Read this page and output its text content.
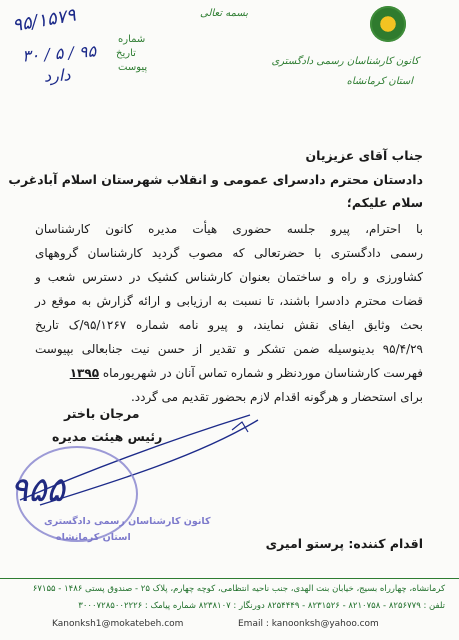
بسمه تعالی
کانون کارشناسان رسمی دادگستری
استان کرمانشاه
شماره
تاریخ
پیوست
۹۵/۱۵۷۹
۹۵ / ۵ / ۳۰
دارد
جناب آقای عزیزیان
دادستان محترم دادسرای عمومی و انقلاب شهرستان اسلام آبادغرب
سلام علیکم؛
با احترام، پیرو جلسه حضوری هیأت مدیره کانون کارشناسان
رسمی دادگستری با حضرتعالی که مصوب گردید کارشناسان گروههای
کشاورزی و راه و ساختمان بعنوان کارشناس کشیک در دسترس شعب و
قضات محترم دادسرا باشند، تا نسبت به ارزیابی و ارائه گزارش به موقع در
بحث وثایق ایفای نقش نمایند، و پیرو نامه شماره ۹۵/۱۲۶۷/ک تاریخ
۹۵/۴/۲۹ بدینوسیله ضمن تشکر و تقدیر از حسن نیت جنابعالی بپیوست
فهرست کارشناسان موردنظر و شماره تماس آنان در شهریورماه ۱۳۹۵
برای استحضار و هرگونه اقدام لازم بحضور تقدیم می گردد.
مرجان باختر
رئیس هیئت مدیره
۹۵۵
کانون کارشناسان رسمی دادگستری
استان کرمانشاه	اقدام کننده: پرستو امیری
کرمانشاه، چهارراه بسیج، خیابان بنت الهدی، جنب ناحیه انتظامی، کوچه چهارم، پلاک ۲۵ - صندوق پستی ۱۴۸۶ - ۶۷۱۵۵
تلفن : ۸۲۵۶۷۷۹ - ۸۲۱۰۷۵۸ - ۸۲۳۱۵۲۶ - ۸۲۵۴۴۴۹ دورنگار : ۸۲۳۸۱۰۷ شماره پیامک : ۳۰۰۰۷۲۸۵۰۰۲۲۲۶
Kanonksh1@mokatebeh.com	Email : kanoonksh@yahoo.com
